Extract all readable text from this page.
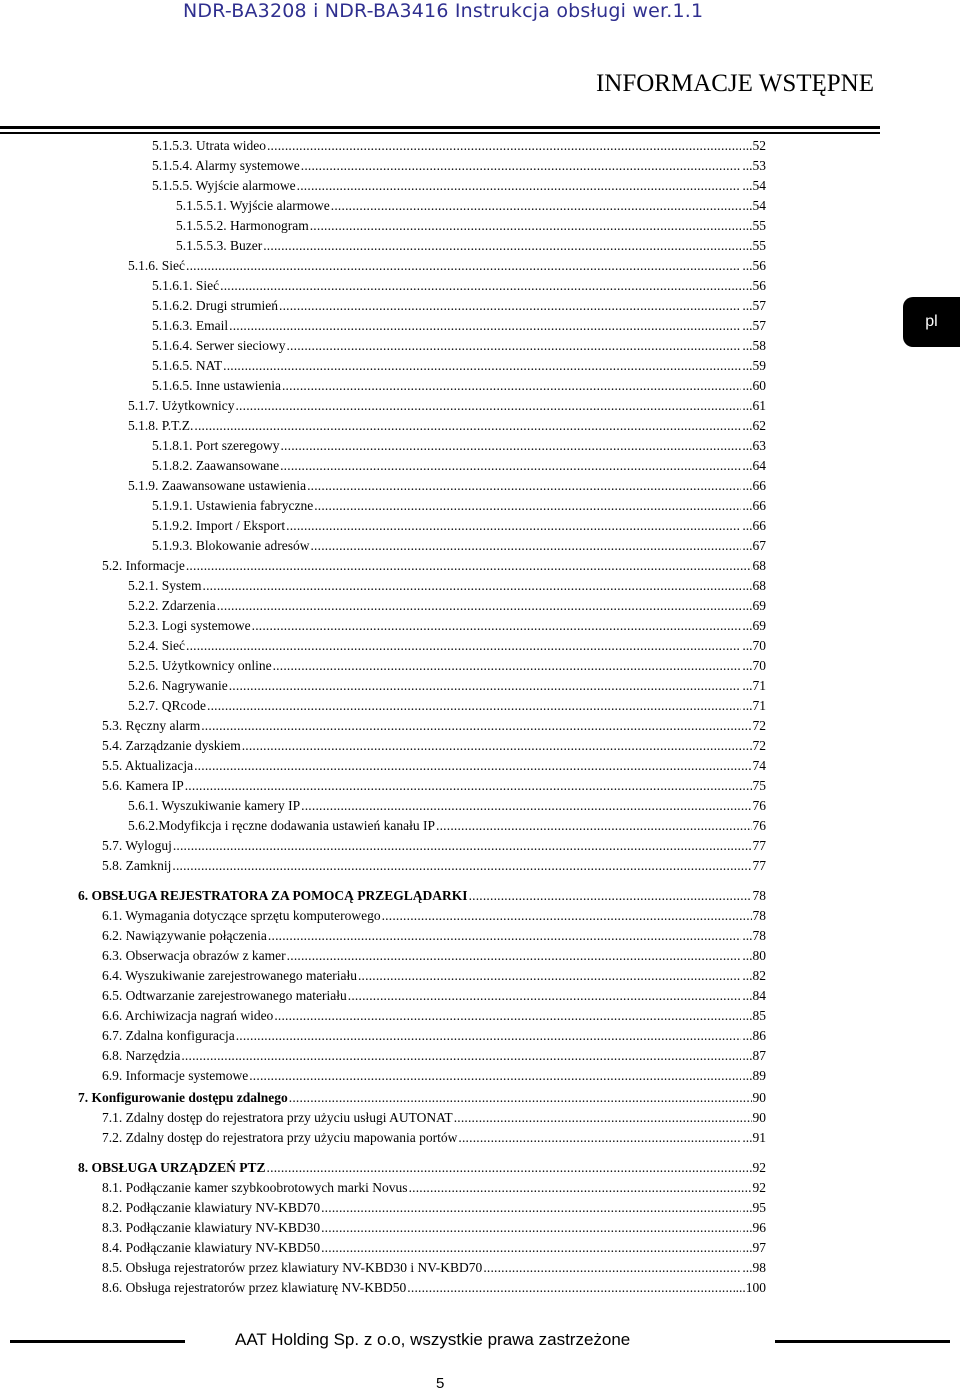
NDR-BA3208 i NDR-BA3416 Instrukcja obsługi wer.1.1
INFORMACJE WSTĘPNE
pl
5.1.5.3. Utrata wideo .....	...52
5.1.5.4. Alarmy systemowe .....	...53
5.1.5.5. Wyjście alarmowe .....	...54
5.1.5.5.1. Wyjście alarmowe .....	...54
5.1.5.5.2. Harmonogram .....	...55
5.1.5.5.3. Buzer .....	...55
5.1.6. Sieć .....	...56
5.1.6.1. Sieć .....	..56
5.1.6.2. Drugi strumień .....	...57
5.1.6.3. Email .....	...57
5.1.6.4. Serwer sieciowy .....	...58
5.1.6.5. NAT .....	...59
5.1.6.5. Inne ustawienia .....	...60
5.1.7. Użytkownicy .....	...61
5.1.8. P.T.Z. .....	...62
5.1.8.1. Port szeregowy .....	...63
5.1.8.2. Zaawansowane .....	...64
5.1.9. Zaawansowane ustawienia .....	...66
5.1.9.1. Ustawienia fabryczne .....	...66
5.1.9.2. Import / Eksport .....	...66
5.1.9.3. Blokowanie adresów .....	...67
5.2. Informacje .....	68
5.2.1. System .....	...68
5.2.2. Zdarzenia .....	...69
5.2.3. Logi systemowe .....	...69
5.2.4. Sieć .....	...70
5.2.5. Użytkownicy online .....	...70
5.2.6. Nagrywanie .....	...71
5.2.7. QRcode .....	...71
5.3. Ręczny alarm .....	72
5.4. Zarządzanie dyskiem .....	72
5.5. Aktualizacja .....	74
5.6. Kamera IP .....	75
5.6.1. Wyszukiwanie kamery IP .....	76
5.6.2.Modyfikcja i ręczne dodawania ustawień kanału IP .....	76
5.7. Wyloguj .....	77
5.8. Zamknij .....	77
6. OBSŁUGA REJESTRATORA ZA POMOCĄ PRZEGLĄDARKI .....	78
6.1. Wymagania dotyczące sprzętu komputerowego .....	78
6.2. Nawiązywanie połączenia .....	...78
6.3. Obserwacja obrazów z kamer .....	...80
6.4. Wyszukiwanie zarejestrowanego materiału .....	...82
6.5. Odtwarzanie zarejestrowanego materiału .....	...84
6.6. Archiwizacja nagrań wideo .....	...85
6.7. Zdalna konfiguracja .....	...86
6.8. Narzędzia .....	...87
6.9. Informacje systemowe .....	...89
7. Konfigurowanie dostępu zdalnego .....	90
7.1. Zdalny dostęp do rejestratora przy użyciu usługi AUTONAT .....	90
7.2. Zdalny dostęp do rejestratora przy użyciu mapowania portów .....	...91
8. OBSŁUGA URZĄDZEŃ PTZ .....	92
8.1. Podłączanie kamer szybkoobrotowych marki Novus .....	92
8.2. Podłączanie klawiatury NV-KBD70 .....	...95
8.3. Podłączanie klawiatury NV-KBD30 .....	...96
8.4. Podłączanie klawiatury NV-KBD50 .....	...97
8.5. Obsługa rejestratorów przez klawiatury NV-KBD30 i NV-KBD70 .....	...98
8.6. Obsługa rejestratorów przez klawiaturę NV-KBD50 .....	...100
AAT Holding Sp. z o.o, wszystkie prawa zastrzeżone
5
